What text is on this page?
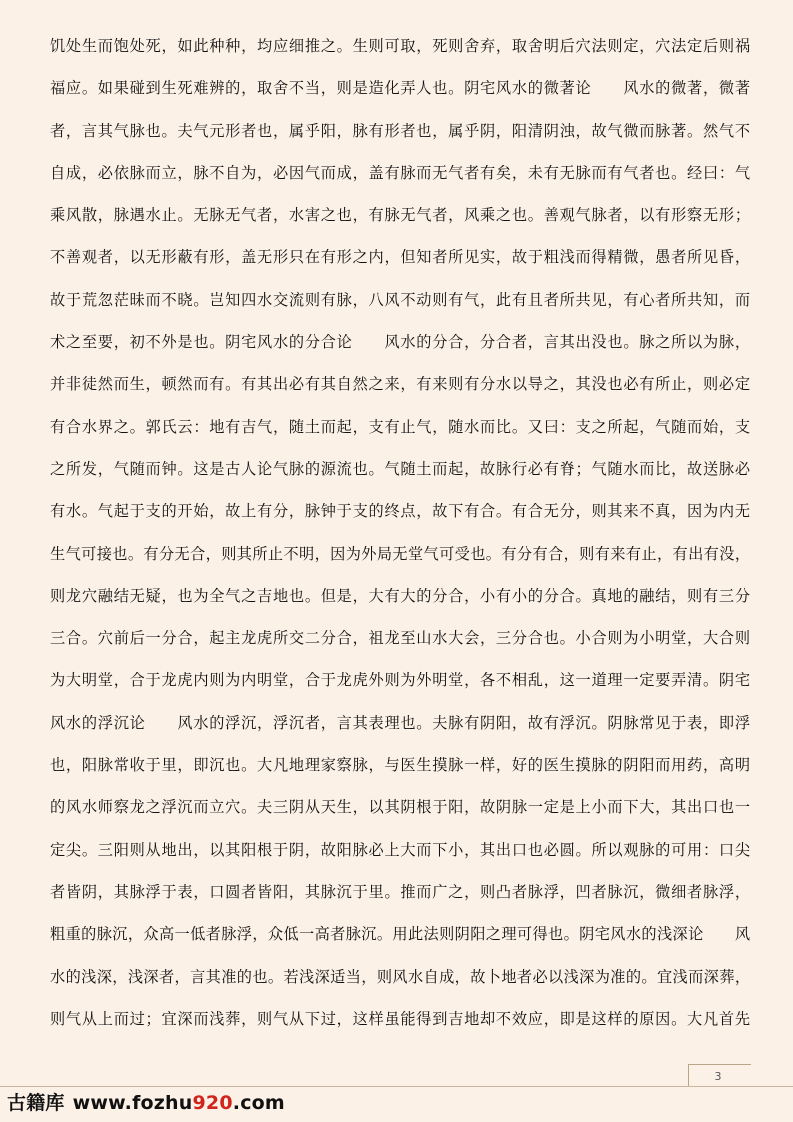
饥处生而饱处死，如此种种，均应细推之。生则可取，死则舍弃，取舍明后穴法则定，穴法定后则祸
福应。如果碰到生死难辨的，取舍不当，则是造化弄人也。阴宅风水的微著论　　风水的微著，微著
者，言其气脉也。夫气元形者也，属乎阳，脉有形者也，属乎阴，阳清阴浊，故气微而脉著。然气不
自成，必依脉而立，脉不自为，必因气而成，盖有脉而无气者有矣，未有无脉而有气者也。经曰：气
乘风散，脉遇水止。无脉无气者，水害之也，有脉无气者，风乘之也。善观气脉者，以有形察无形；
不善观者，以无形蔽有形，盖无形只在有形之内，但知者所见实，故于粗浅而得精微，愚者所见昏，
故于荒忽茫昧而不晓。岂知四水交流则有脉，八风不动则有气，此有且者所共见，有心者所共知，而
术之至要，初不外是也。阴宅风水的分合论　　风水的分合，分合者，言其出没也。脉之所以为脉，
并非徒然而生，顿然而有。有其出必有其自然之来，有来则有分水以导之，其没也必有所止，则必定
有合水界之。郭氏云：地有吉气，随土而起，支有止气，随水而比。又曰：支之所起，气随而始，支
之所发，气随而钟。这是古人论气脉的源流也。气随土而起，故脉行必有脊；气随水而比，故送脉必
有水。气起于支的开始，故上有分，脉钟于支的终点，故下有合。有合无分，则其来不真，因为内无
生气可接也。有分无合，则其所止不明，因为外局无堂气可受也。有分有合，则有来有止，有出有没，
则龙穴融结无疑，也为全气之吉地也。但是，大有大的分合，小有小的分合。真地的融结，则有三分
三合。穴前后一分合，起主龙虎所交二分合，祖龙至山水大会，三分合也。小合则为小明堂，大合则
为大明堂，合于龙虎内则为内明堂，合于龙虎外则为外明堂，各不相乱，这一道理一定要弄清。阴宅
风水的浮沉论　　风水的浮沉，浮沉者，言其表理也。夫脉有阴阳，故有浮沉。阴脉常见于表，即浮
也，阳脉常收于里，即沉也。大凡地理家察脉，与医生摸脉一样，好的医生摸脉的阴阳而用药，高明
的风水师察龙之浮沉而立穴。夫三阴从天生，以其阴根于阳，故阴脉一定是上小而下大，其出口也一
定尖。三阳则从地出，以其阳根于阴，故阳脉必上大而下小，其出口也必圆。所以观脉的可用：口尖
者皆阴，其脉浮于表，口圆者皆阳，其脉沉于里。推而广之，则凸者脉浮，凹者脉沉，微细者脉浮，
粗重的脉沉，众高一低者脉浮，众低一高者脉沉。用此法则阴阳之理可得也。阴宅风水的浅深论　　风
水的浅深，浅深者，言其准的也。若浅深适当，则风水自成，故卜地者必以浅深为准的。宜浅而深葬，
则气从上而过；宜深而浅葬，则气从下过，这样虽能得到吉地却不效应，即是这样的原因。大凡首先
3
古籍库 www.fozhu920.com
